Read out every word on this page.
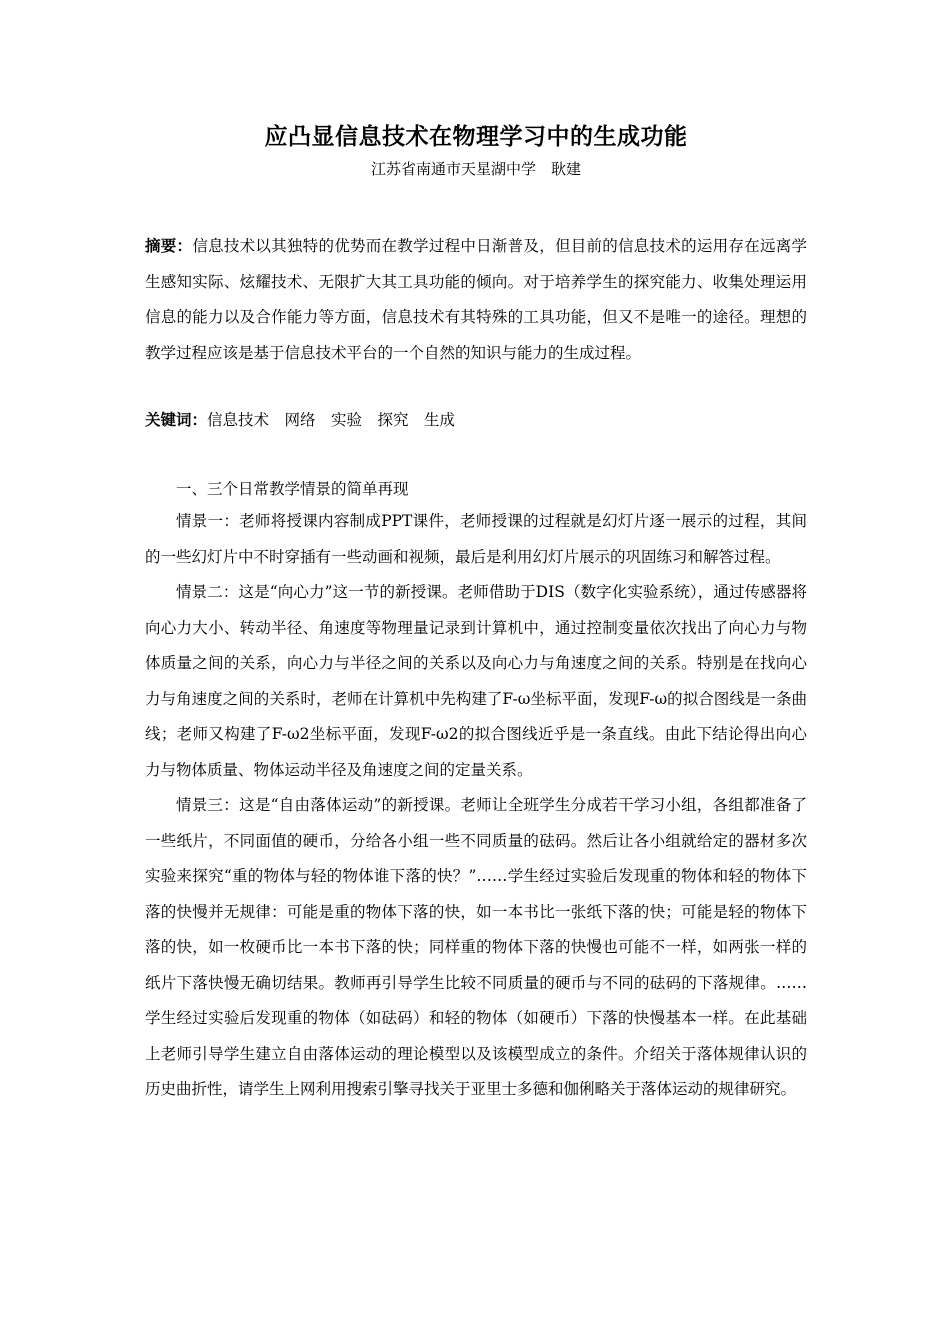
应凸显信息技术在物理学习中的生成功能
江苏省南通市天星湖中学　耿建
摘要：信息技术以其独特的优势而在教学过程中日渐普及，但目前的信息技术的运用存在远离学生感知实际、炫耀技术、无限扩大其工具功能的倾向。对于培养学生的探究能力、收集处理运用信息的能力以及合作能力等方面，信息技术有其特殊的工具功能，但又不是唯一的途径。理想的教学过程应该是基于信息技术平台的一个自然的知识与能力的生成过程。
关键词：信息技术　网络　实验　探究　生成
一、三个日常教学情景的简单再现

情景一：老师将授课内容制成PPT课件，老师授课的过程就是幻灯片逐一展示的过程，其间的一些幻灯片中不时穿插有一些动画和视频，最后是利用幻灯片展示的巩固练习和解答过程。

情景二：这是“向心力”这一节的新授课。老师借助于DIS（数字化实验系统），通过传感器将向心力大小、转动半径、角速度等物理量记录到计算机中，通过控制变量依次找出了向心力与物体质量之间的关系，向心力与半径之间的关系以及向心力与角速度之间的关系。特别是在找向心力与角速度之间的关系时，老师在计算机中先构建了F-ω坐标平面，发现F-ω的拟合图线是一条曲线；老师又构建了F-ω2坐标平面，发现F-ω2的拟合图线近乎是一条直线。由此下结论得出向心力与物体质量、物体运动半径及角速度之间的定量关系。

情景三：这是“自由落体运动”的新授课。老师让全班学生分成若干学习小组，各组都准备了一些纸片，不同面值的硬币，分给各小组一些不同质量的砝码。然后让各小组就给定的器材多次实验来探究“重的物体与轻的物体谁下落的快？”……学生经过实验后发现重的物体和轻的物体下落的快慢并无规律：可能是重的物体下落的快，如一本书比一张纸下落的快；可能是轻的物体下落的快，如一枚硬币比一本书下落的快；同样重的物体下落的快慢也可能不一样，如两张一样的纸片下落快慢无确切结果。教师再引导学生比较不同质量的硬币与不同的砝码的下落规律。……学生经过实验后发现重的物体（如砝码）和轻的物体（如硬币）下落的快慢基本一样。在此基础上老师引导学生建立自由落体运动的理论模型以及该模型成立的条件。介绍关于落体规律认识的历史曲折性，请学生上网利用搜索引擎寻找关于亚里士多德和伽俐略关于落体运动的规律研究。
